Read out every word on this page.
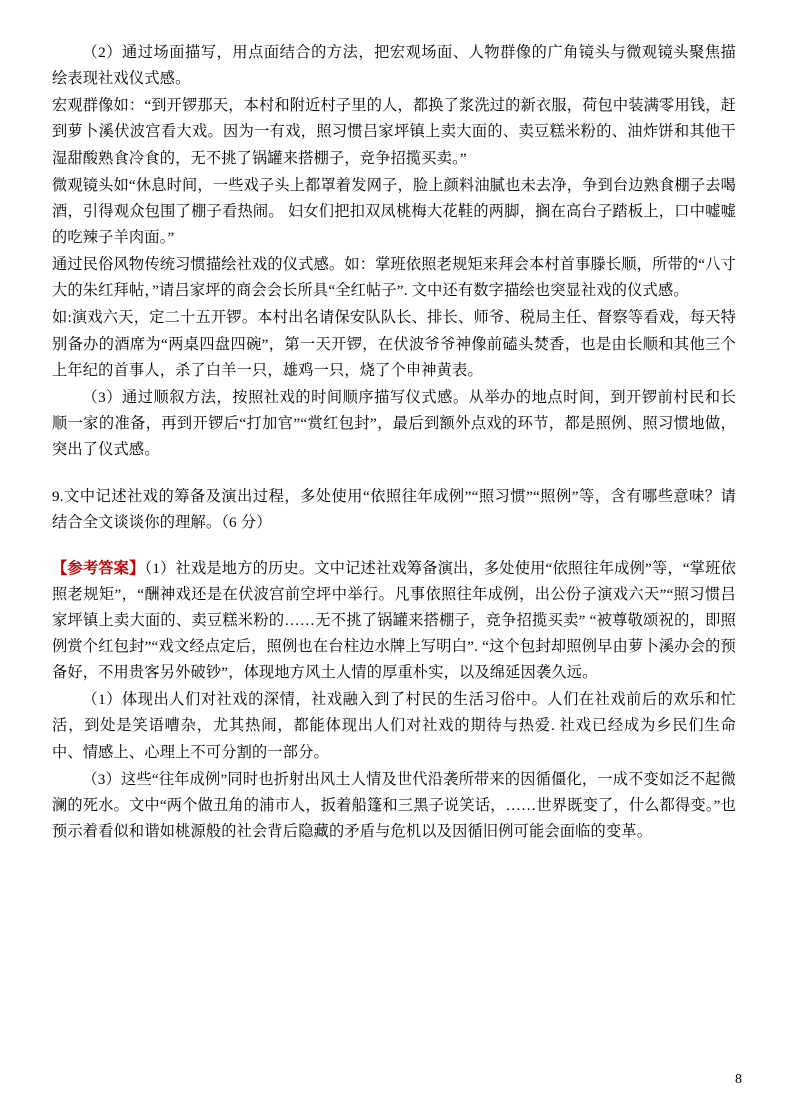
（2）通过场面描写，用点面结合的方法，把宏观场面、人物群像的广角镜头与微观镜头聚焦描绘表现社戏仪式感。

宏观群像如：“到开锣那天，本村和附近村子里的人，都换了浆洗过的新衣服，荷包中装满零用钱，赶到萝卜溪伏波宫看大戏。因为一有戏，照习惯吕家坪镇上卖大面的、卖豆糕米粉的、油炸饼和其他干湿甜酸熟食冷食的，无不挑了锅罐来搭棚子，竞争招揽买卖。”

微观镜头如“休息时间，一些戏子头上都罩着发网子，脸上颜料油腻也未去净，争到台边熟食棚子去喝酒，引得观众包围了棚子看热闹。 妇女们把扣双凤桃梅大花鞋的两脚，搁在高台子踏板上，口中嘘嘘的吃辣子羊肉面。”

通过民俗风物传统习惯描绘社戏的仪式感。如：掌班依照老规矩来拜会本村首事滕长顺，所带的“八寸大的朱红拜帖，”请吕家坪的商会会长所具“全红帖子”. 文中还有数字描绘也突显社戏的仪式感。

如:演戏六天，定二十五开锣。本村出名请保安队队长、排长、师爷、税局主任、督察等看戏，每天特别备办的酒席为“两桌四盘四碗”，第一天开锣，在伏波爷爷神像前磕头焚香，也是由长顺和其他三个上年纪的首事人，杀了白羊一只，雄鸡一只，烧了个申神黄表。

（3）通过顺叙方法，按照社戏的时间顺序描写仪式感。从举办的地点时间，到开锣前村民和长顺一家的准备，再到开锣后“打加官”“赏红包封”，最后到额外点戏的环节，都是照例、照习惯地做，突出了仪式感。

9.文中记述社戏的筹备及演出过程，多处使用“依照往年成例”“照习惯”“照例”等，含有哪些意味？请结合全文谈谈你的理解。（6 分）

【参考答案】（1）社戏是地方的历史。文中记述社戏筹备演出，多处使用“依照往年成例”等，“掌班依照老规矩”，“酬神戏还是在伏波宫前空坪中举行。凡事依照往年成例，出公份子演戏六天”“照习惯吕家坪镇上卖大面的、卖豆糕米粉的……无不挑了锅罐来搭棚子，竞争招揽买卖” “被尊敬颂祝的，即照例赏个红包封”“戏文经点定后，照例也在台柱边水牌上写明白”. “这个包封却照例早由萝卜溪办会的预备好，不用贵客另外破钞”，体现地方风土人情的厚重朴实，以及绵延因袭久远。

（1）体现出人们对社戏的深情，社戏融入到了村民的生活习俗中。人们在社戏前后的欢乐和忙活，到处是笑语嘈杂，尤其热闹，都能体现出人们对社戏的期待与热爱. 社戏已经成为乡民们生命中、情感上、心理上不可分割的一部分。

（3）这些“往年成例”同时也折射出风土人情及世代沿袭所带来的因循僵化，一成不变如泛不起微澜的死水。文中“两个做丑角的浦市人，扳着船篷和三黑子说笑话，……世界既变了，什么都得变。”也预示着看似和谐如桃源般的社会背后隐藏的矛盾与危机以及因循旧例可能会面临的变革。

8
